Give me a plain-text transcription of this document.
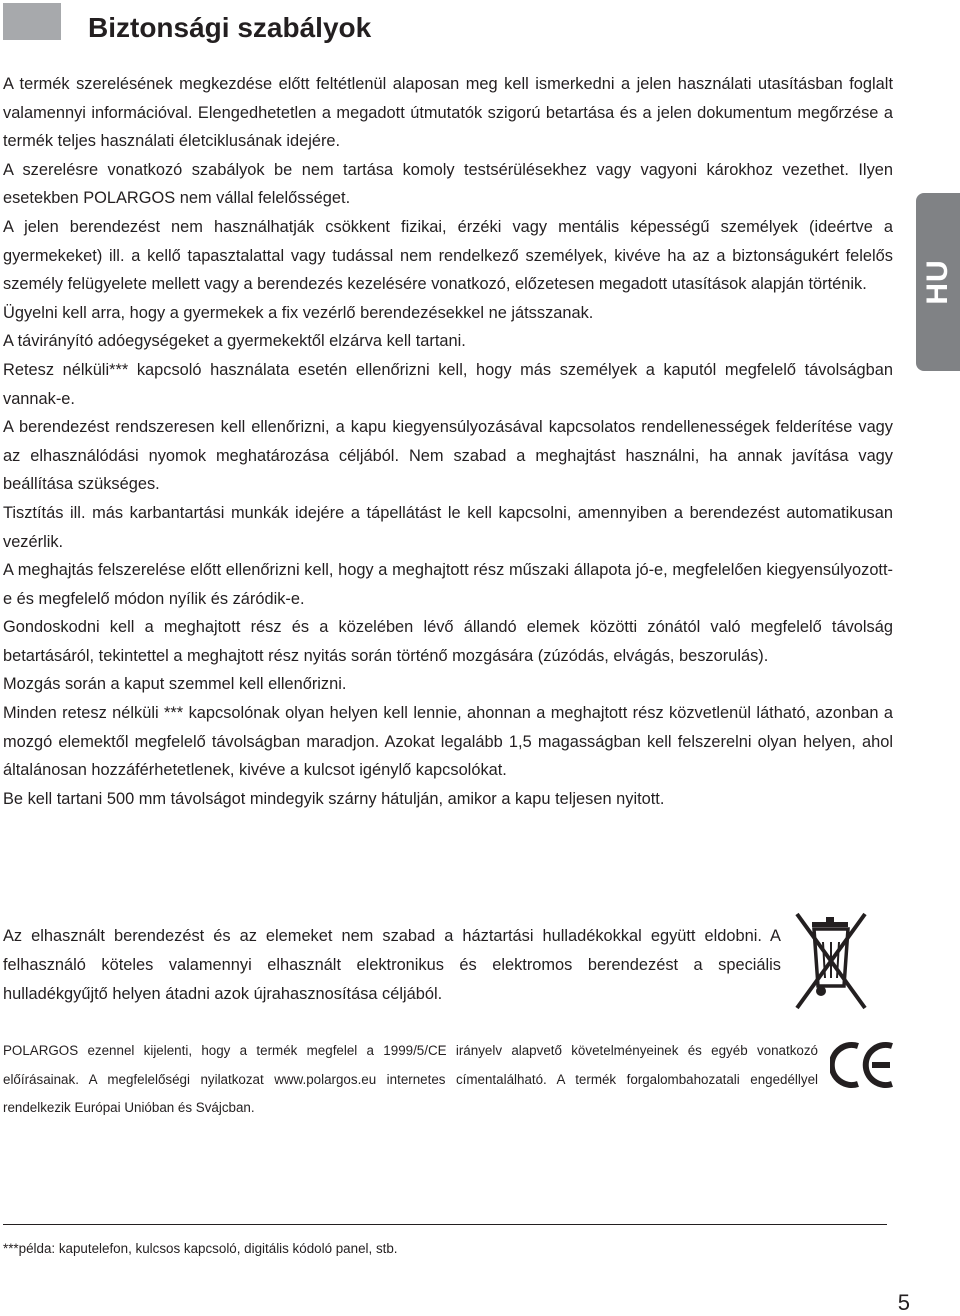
Biztonsági szabályok
HU

A termék szerelésének megkezdése előtt feltétlenül alaposan meg kell ismerkedni a jelen használati utasításban foglalt valamennyi információval. Elengedhetetlen a megadott útmutatók szigorú betartása és a jelen dokumentum megőrzése a termék teljes használati életciklusának idejére.

A szerelésre vonatkozó szabályok be nem tartása komoly testsérülésekhez vagy vagyoni károkhoz vezethet. Ilyen esetekben POLARGOS nem vállal felelősséget.

A jelen berendezést nem használhatják csökkent fizikai, érzéki vagy mentális képességű személyek (ideértve a gyermekeket) ill. a kellő tapasztalattal vagy tudással nem rendelkező személyek, kivéve ha az a biztonságukért felelős személy felügyelete mellett vagy a berendezés kezelésére vonatkozó, előzetesen megadott utasítások alapján történik.

Ügyelni kell arra, hogy a gyermekek a fix vezérlő berendezésekkel ne játsszanak.

A távirányító adóegységeket a gyermekektől elzárva kell tartani.

Retesz nélküli*** kapcsoló használata esetén ellenőrizni kell, hogy más személyek a kaputól megfelelő távolságban vannak-e.

A berendezést rendszeresen kell ellenőrizni, a kapu kiegyensúlyozásával kapcsolatos rendellenességek felderítése vagy az elhasználódási nyomok meghatározása céljából. Nem szabad a meghajtást használni, ha annak javítása vagy beállítása szükséges.

Tisztítás ill. más karbantartási munkák idejére a tápellátást le kell kapcsolni, amennyiben a berendezést automatikusan vezérlik.

A meghajtás felszerelése előtt ellenőrizni kell, hogy a meghajtott rész műszaki állapota jó-e, megfelelően kiegyensúlyozott-e és megfelelő módon nyílik és záródik-e.

Gondoskodni kell a meghajtott rész és a közelében lévő állandó elemek közötti zónától való megfelelő távolság betartásáról, tekintettel a meghajtott rész nyitás során történő mozgására (zúzódás, elvágás, beszorulás).

Mozgás során a kaput szemmel kell ellenőrizni.

Minden retesz nélküli *** kapcsolónak olyan helyen kell lennie, ahonnan a meghajtott rész közvetlenül látható, azonban a mozgó elemektől megfelelő távolságban maradjon. Azokat legalább 1,5 magasságban kell felszerelni olyan helyen, ahol általánosan hozzáférhetetlenek, kivéve a kulcsot igénylő kapcsolókat.

Be kell tartani 500 mm távolságot mindegyik szárny hátulján, amikor a kapu teljesen nyitott.

Az elhasznált berendezést és az elemeket nem szabad a háztartási hulladékokkal együtt eldobni. A felhasználó köteles valamennyi elhasznált elektronikus és elektromos berendezést a speciális hulladékgyűjtő helyen átadni azok újrahasznosítása céljából.

POLARGOS ezennel kijelenti, hogy a termék megfelel a 1999/5/CE irányelv alapvető követelményeinek és egyéb vonatkozó előírásainak. A megfelelőségi nyilatkozat www.polargos.eu internetes címentalálható. A termék forgalombahozatali engedéllyel rendelkezik Európai Unióban és Svájcban.

***példa: kaputelefon, kulcsos kapcsoló, digitális kódoló panel, stb.

5
